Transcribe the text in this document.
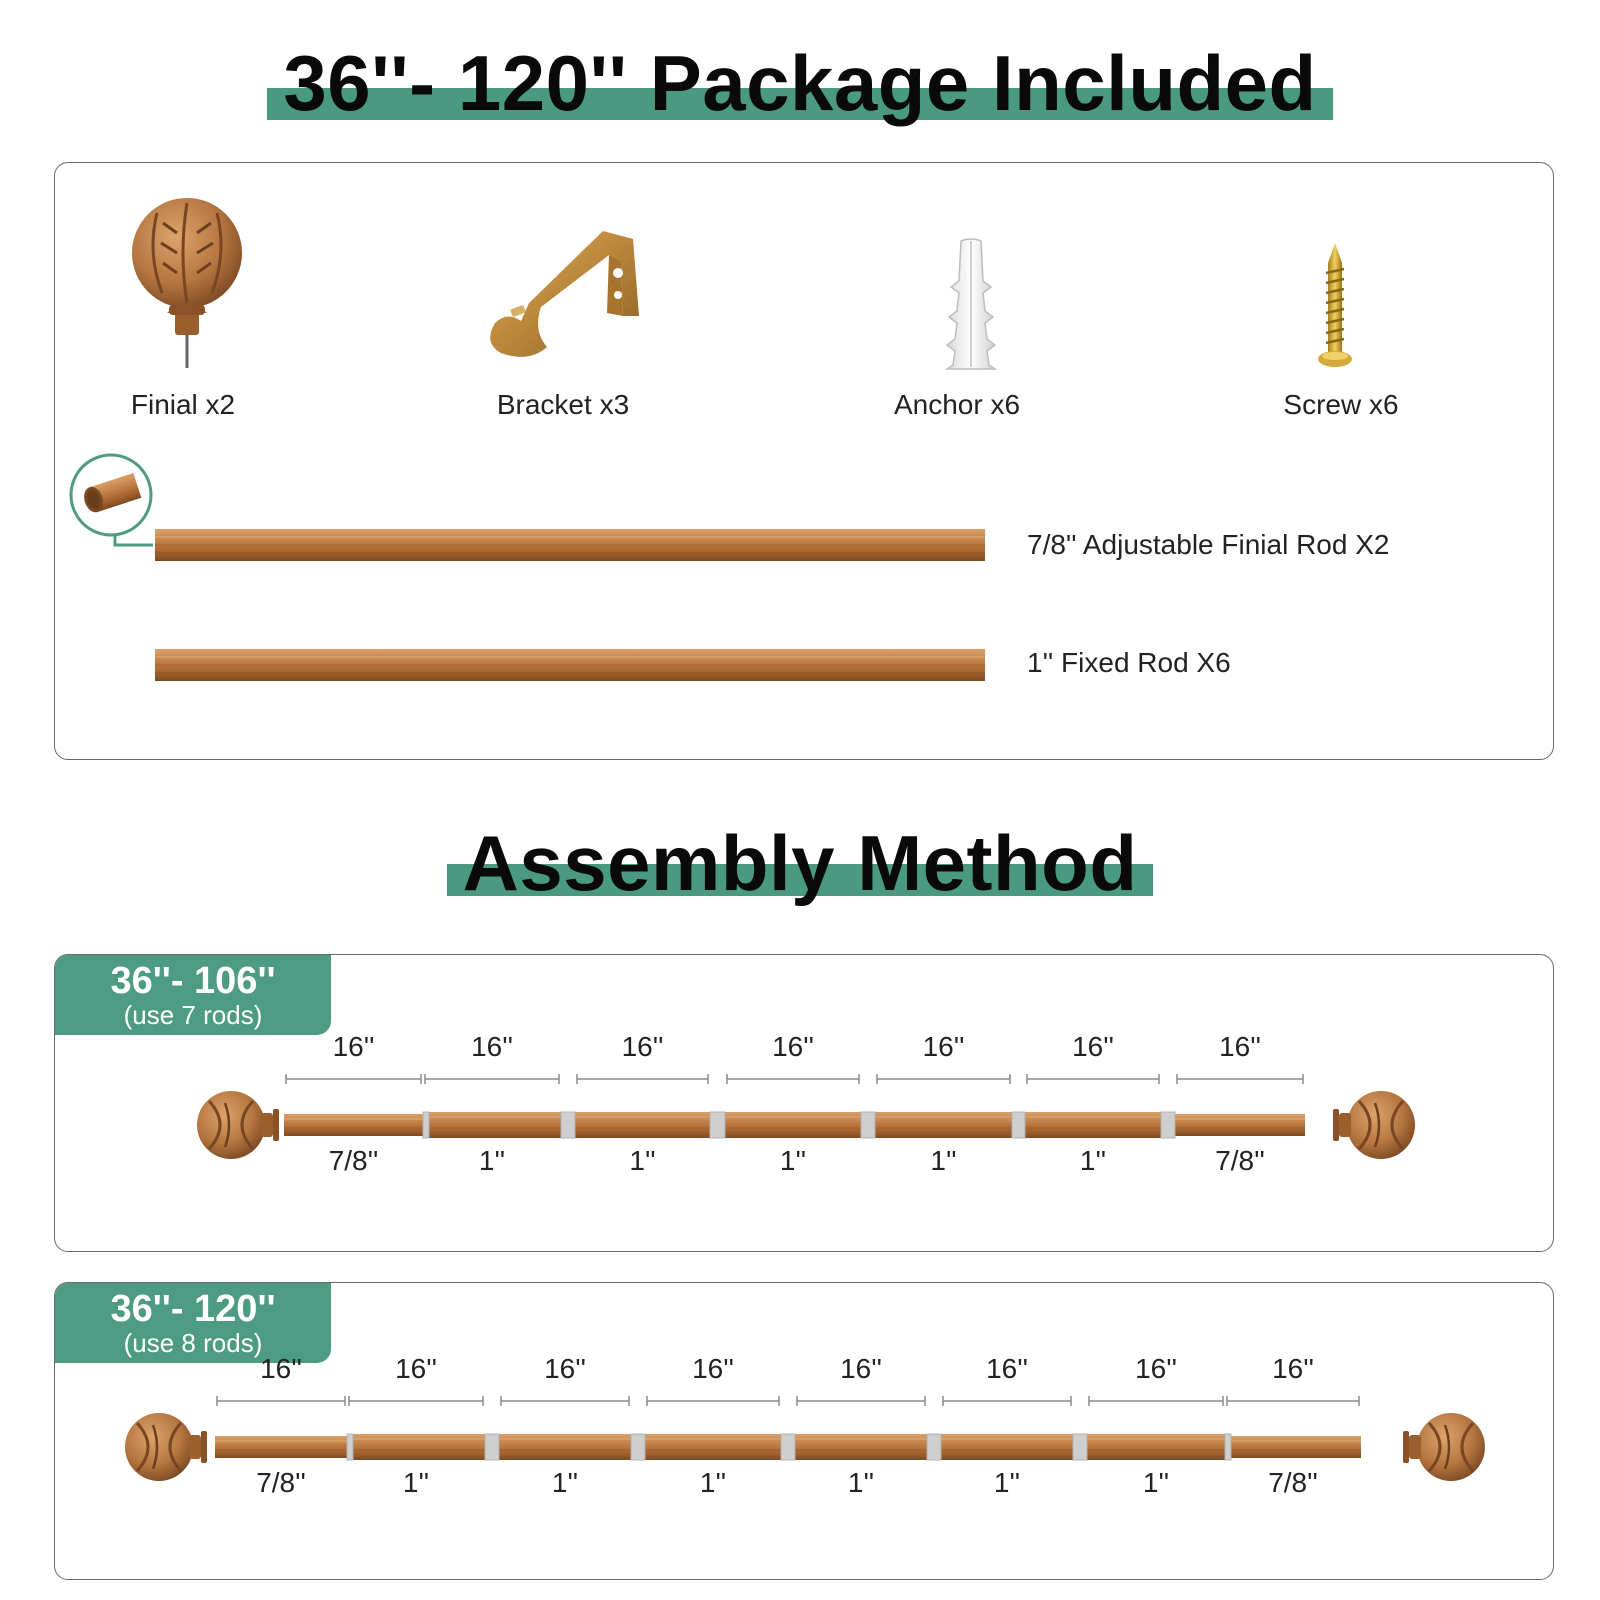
36''- 120'' Package Included
Finial x2	Bracket x3	Anchor x6	Screw x6
7/8'' Adjustable Finial Rod X2
1'' Fixed Rod X6
Assembly Method
36''- 106''
(use 7 rods)
16''
7/8''
16''
1''
16''
1''
16''
1''
16''
1''
16''
1''
16''
7/8''
36''- 120''
(use 8 rods)
16''
7/8''
16''
1''
16''
1''
16''
1''
16''
1''
16''
1''
16''
1''
16''
7/8''
